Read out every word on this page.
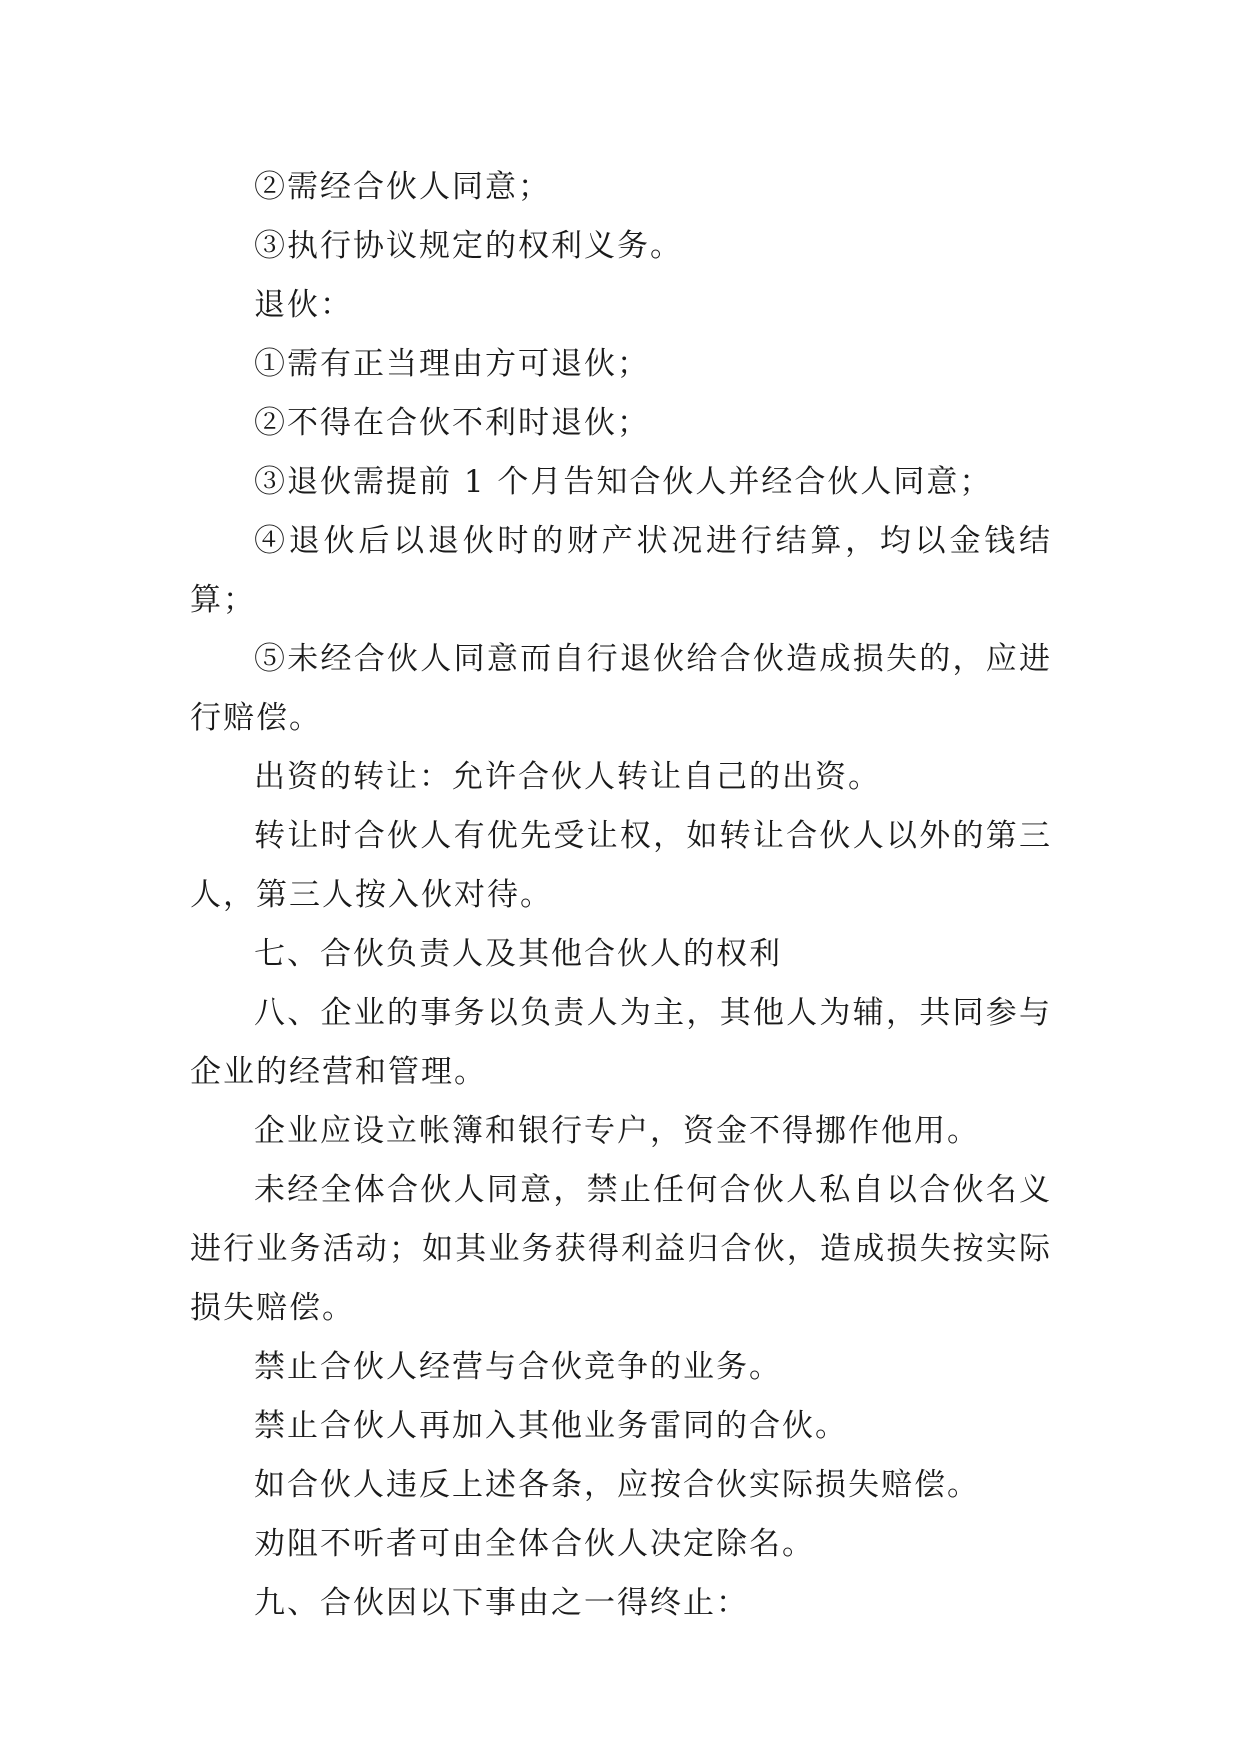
②需经合伙人同意；

③执行协议规定的权利义务。

退伙：

①需有正当理由方可退伙；

②不得在合伙不利时退伙；

③退伙需提前 1 个月告知合伙人并经合伙人同意；

④退伙后以退伙时的财产状况进行结算，均以金钱结算；

⑤未经合伙人同意而自行退伙给合伙造成损失的，应进行赔偿。

出资的转让：允许合伙人转让自己的出资。

转让时合伙人有优先受让权，如转让合伙人以外的第三人，第三人按入伙对待。

七、合伙负责人及其他合伙人的权利

八、企业的事务以负责人为主，其他人为辅，共同参与企业的经营和管理。

企业应设立帐簿和银行专户，资金不得挪作他用。

未经全体合伙人同意，禁止任何合伙人私自以合伙名义进行业务活动；如其业务获得利益归合伙，造成损失按实际损失赔偿。

禁止合伙人经营与合伙竞争的业务。

禁止合伙人再加入其他业务雷同的合伙。

如合伙人违反上述各条，应按合伙实际损失赔偿。

劝阻不听者可由全体合伙人决定除名。

九、合伙因以下事由之一得终止：
